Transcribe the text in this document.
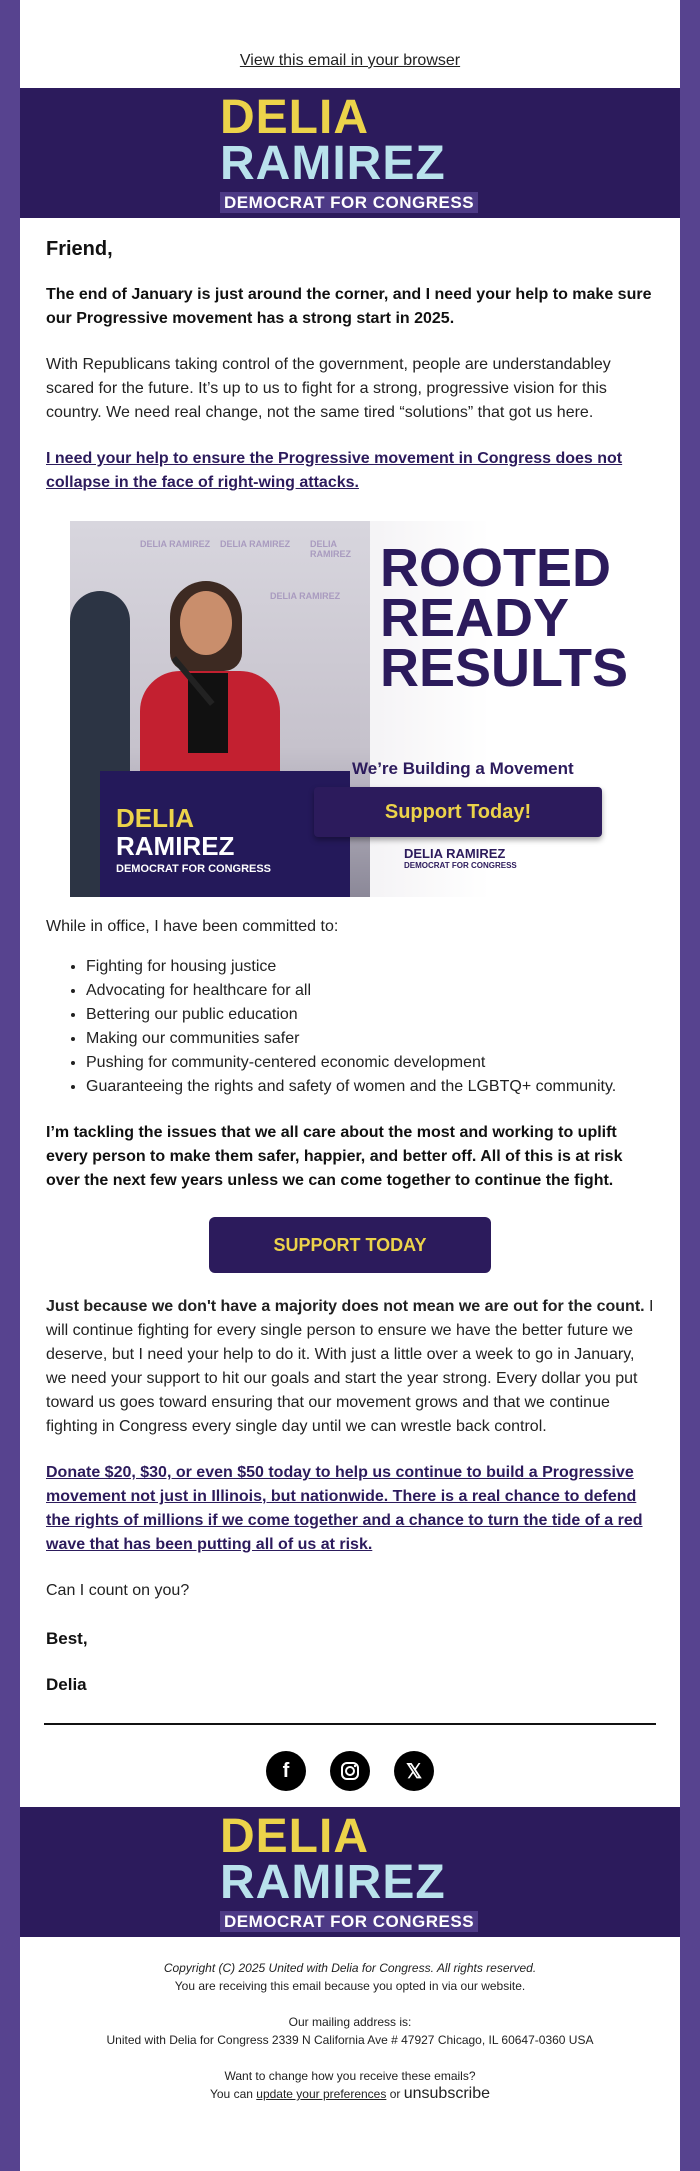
View this email in your browser
DELIA
RAMIREZ
DEMOCRAT FOR CONGRESS
Friend,

The end of January is just around the corner, and I need your help to make sure our Progressive movement has a strong start in 2025.

With Republicans taking control of the government, people are understandabley scared for the future. It’s up to us to fight for a strong, progressive vision for this country. We need real change, not the same tired “solutions” that got us here.

I need your help to ensure the Progressive movement in Congress does not collapse in the face of right-wing attacks.

DELIA RAMIREZ DELIA RAMIREZ DELIA RAMIREZ
DELIA RAMIREZ
DELIA
RAMIREZ
DEMOCRAT FOR CONGRESS
ROOTED
READY
RESULTS
We’re Building a Movement
Support Today!
DELIA RAMIREZ
DEMOCRAT FOR CONGRESS

While in office, I have been committed to:

• Fighting for housing justice
• Advocating for healthcare for all
• Bettering our public education
• Making our communities safer
• Pushing for community-centered economic development
• Guaranteeing the rights and safety of women and the LGBTQ+ community.

I’m tackling the issues that we all care about the most and working to uplift every person to make them safer, happier, and better off. All of this is at risk over the next few years unless we can come together to continue the fight.

SUPPORT TODAY

Just because we don't have a majority does not mean we are out for the count. I will continue fighting for every single person to ensure we have the better future we deserve, but I need your help to do it. With just a little over a week to go in January, we need your support to hit our goals and start the year strong. Every dollar you put toward us goes toward ensuring that our movement grows and that we continue fighting in Congress every single day until we can wrestle back control.

Donate $20, $30, or even $50 today to help us continue to build a Progressive movement not just in Illinois, but nationwide. There is a real chance to defend the rights of millions if we come together and a chance to turn the tide of a red wave that has been putting all of us at risk.

Can I count on you?

Best,
Delia
f	𝕏
DELIA
RAMIREZ
DEMOCRAT FOR CONGRESS
Copyright (C) 2025 United with Delia for Congress. All rights reserved.
You are receiving this email because you opted in via our website.
Our mailing address is:
United with Delia for Congress 2339 N California Ave # 47927 Chicago, IL 60647-0360 USA
Want to change how you receive these emails?
You can update your preferences or unsubscribe
